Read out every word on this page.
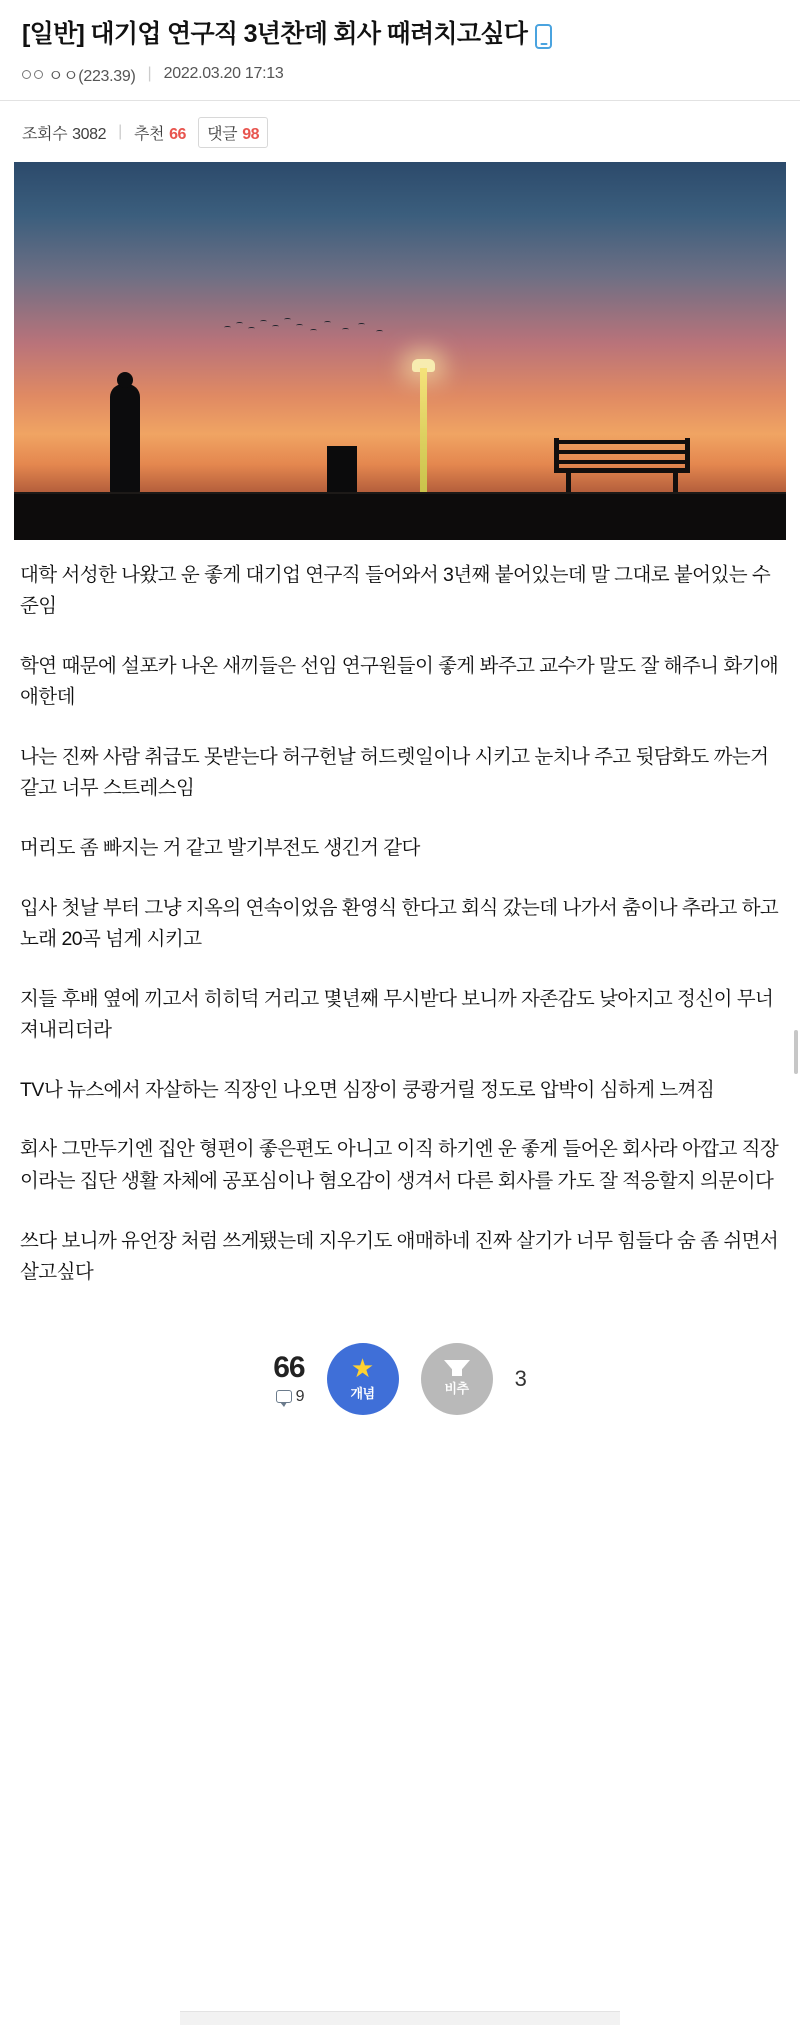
[일반] 대기업 연구직 3년찬데 회사 때려치고싶다
ㅇㅇ(223.39) | 2022.03.20 17:13
조회수 3082 | 추천 66 댓글 98

대학 서성한 나왔고 운 좋게 대기업 연구직 들어와서 3년째 붙어있는데 말 그대로 붙어있는 수준임

학연 때문에 설포카 나온 새끼들은 선임 연구원들이 좋게 봐주고 교수가 말도 잘 해주니 화기애애한데

나는 진짜 사람 취급도 못받는다 허구헌날 허드렛일이나 시키고 눈치나 주고 뒷담화도 까는거 같고 너무 스트레스임

머리도 좀 빠지는 거 같고 발기부전도 생긴거 같다

입사 첫날 부터 그냥 지옥의 연속이었음 환영식 한다고 회식 갔는데 나가서 춤이나 추라고 하고 노래 20곡 넘게 시키고

지들 후배 옆에 끼고서 히히덕 거리고 몇년째 무시받다 보니까 자존감도 낮아지고 정신이 무너져내리더라

TV나 뉴스에서 자살하는 직장인 나오면 심장이 쿵쾅거릴 정도로 압박이 심하게 느껴짐

회사 그만두기엔 집안 형편이 좋은편도 아니고 이직 하기엔 운 좋게 들어온 회사라 아깝고 직장 이라는 집단 생활 자체에 공포심이나 혐오감이 생겨서 다른 회사를 가도 잘 적응할지 의문이다

쓰다 보니까 유언장 처럼 쓰게됐는데 지우기도 애매하네 진짜 살기가 너무 힘들다 숨 좀 쉬면서 살고싶다

66
9
★
개념	비추 3
